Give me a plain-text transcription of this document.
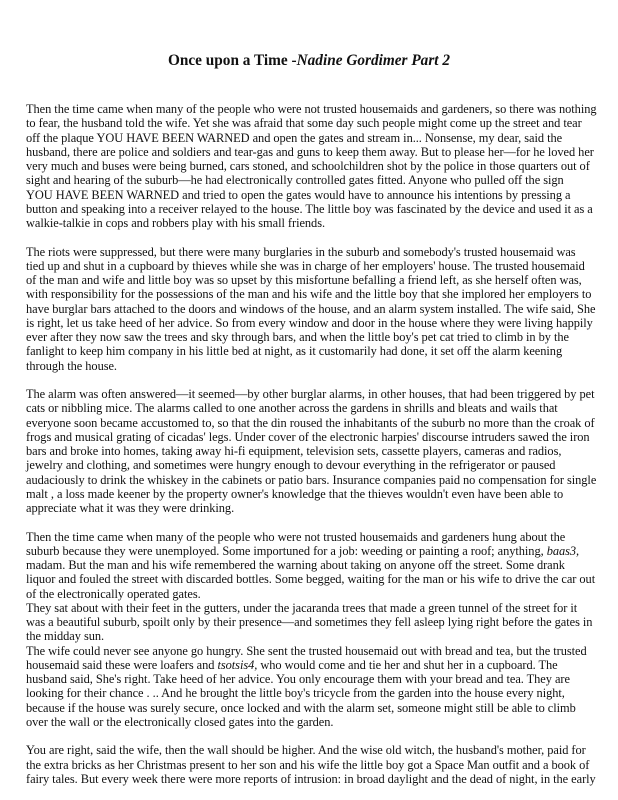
Once upon a Time -Nadine Gordimer Part 2
Then the time came when many of the people who were not trusted housemaids and gardeners, so there was nothing
to fear, the husband told the wife. Yet she was afraid that some day such people might come up the street and tear
off the plaque YOU HAVE BEEN WARNED and open the gates and stream in... Nonsense, my dear, said the
husband, there are police and soldiers and tear-gas and guns to keep them away. But to please her—for he loved her
very much and buses were being burned, cars stoned, and schoolchildren shot by the police in those quarters out of
sight and hearing of the suburb—he had electronically controlled gates fitted. Anyone who pulled off the sign
YOU HAVE BEEN WARNED and tried to open the gates would have to announce his intentions by pressing a
button and speaking into a receiver relayed to the house. The little boy was fascinated by the device and used it as a
walkie-talkie in cops and robbers play with his small friends.
The riots were suppressed, but there were many burglaries in the suburb and somebody's trusted housemaid was
tied up and shut in a cupboard by thieves while she was in charge of her employers' house. The trusted housemaid
of the man and wife and little boy was so upset by this misfortune befalling a friend left, as she herself often was,
with responsibility for the possessions of the man and his wife and the little boy that she implored her employers to
have burglar bars attached to the doors and windows of the house, and an alarm system installed. The wife said, She
is right, let us take heed of her advice. So from every window and door in the house where they were living happily
ever after they now saw the trees and sky through bars, and when the little boy's pet cat tried to climb in by the
fanlight to keep him company in his little bed at night, as it customarily had done, it set off the alarm keening
through the house.
The alarm was often answered—it seemed—by other burglar alarms, in other houses, that had been triggered by pet
cats or nibbling mice. The alarms called to one another across the gardens in shrills and bleats and wails that
everyone soon became accustomed to, so that the din roused the inhabitants of the suburb no more than the croak of
frogs and musical grating of cicadas' legs. Under cover of the electronic harpies' discourse intruders sawed the iron
bars and broke into homes, taking away hi-fi equipment, television sets, cassette players, cameras and radios,
jewelry and clothing, and sometimes were hungry enough to devour everything in the refrigerator or paused
audaciously to drink the whiskey in the cabinets or patio bars. Insurance companies paid no compensation for single
malt , a loss made keener by the property owner's knowledge that the thieves wouldn't even have been able to
appreciate what it was they were drinking.
Then the time came when many of the people who were not trusted housemaids and gardeners hung about the
suburb because they were unemployed. Some importuned for a job: weeding or painting a roof; anything, baas3,
madam. But the man and his wife remembered the warning about taking on anyone off the street. Some drank
liquor and fouled the street with discarded bottles. Some begged, waiting for the man or his wife to drive the car out
of the electronically operated gates.
They sat about with their feet in the gutters, under the jacaranda trees that made a green tunnel of the street for it
was a beautiful suburb, spoilt only by their presence—and sometimes they fell asleep lying right before the gates in
the midday sun.
The wife could never see anyone go hungry. She sent the trusted housemaid out with bread and tea, but the trusted
housemaid said these were loafers and tsotsis4, who would come and tie her and shut her in a cupboard. The
husband said, She's right. Take heed of her advice. You only encourage them with your bread and tea. They are
looking for their chance . .. And he brought the little boy's tricycle from the garden into the house every night,
because if the house was surely secure, once locked and with the alarm set, someone might still be able to climb
over the wall or the electronically closed gates into the garden.
You are right, said the wife, then the wall should be higher. And the wise old witch, the husband's mother, paid for
the extra bricks as her Christmas present to her son and his wife the little boy got a Space Man outfit and a book of
fairy tales. But every week there were more reports of intrusion: in broad daylight and the dead of night, in the early
